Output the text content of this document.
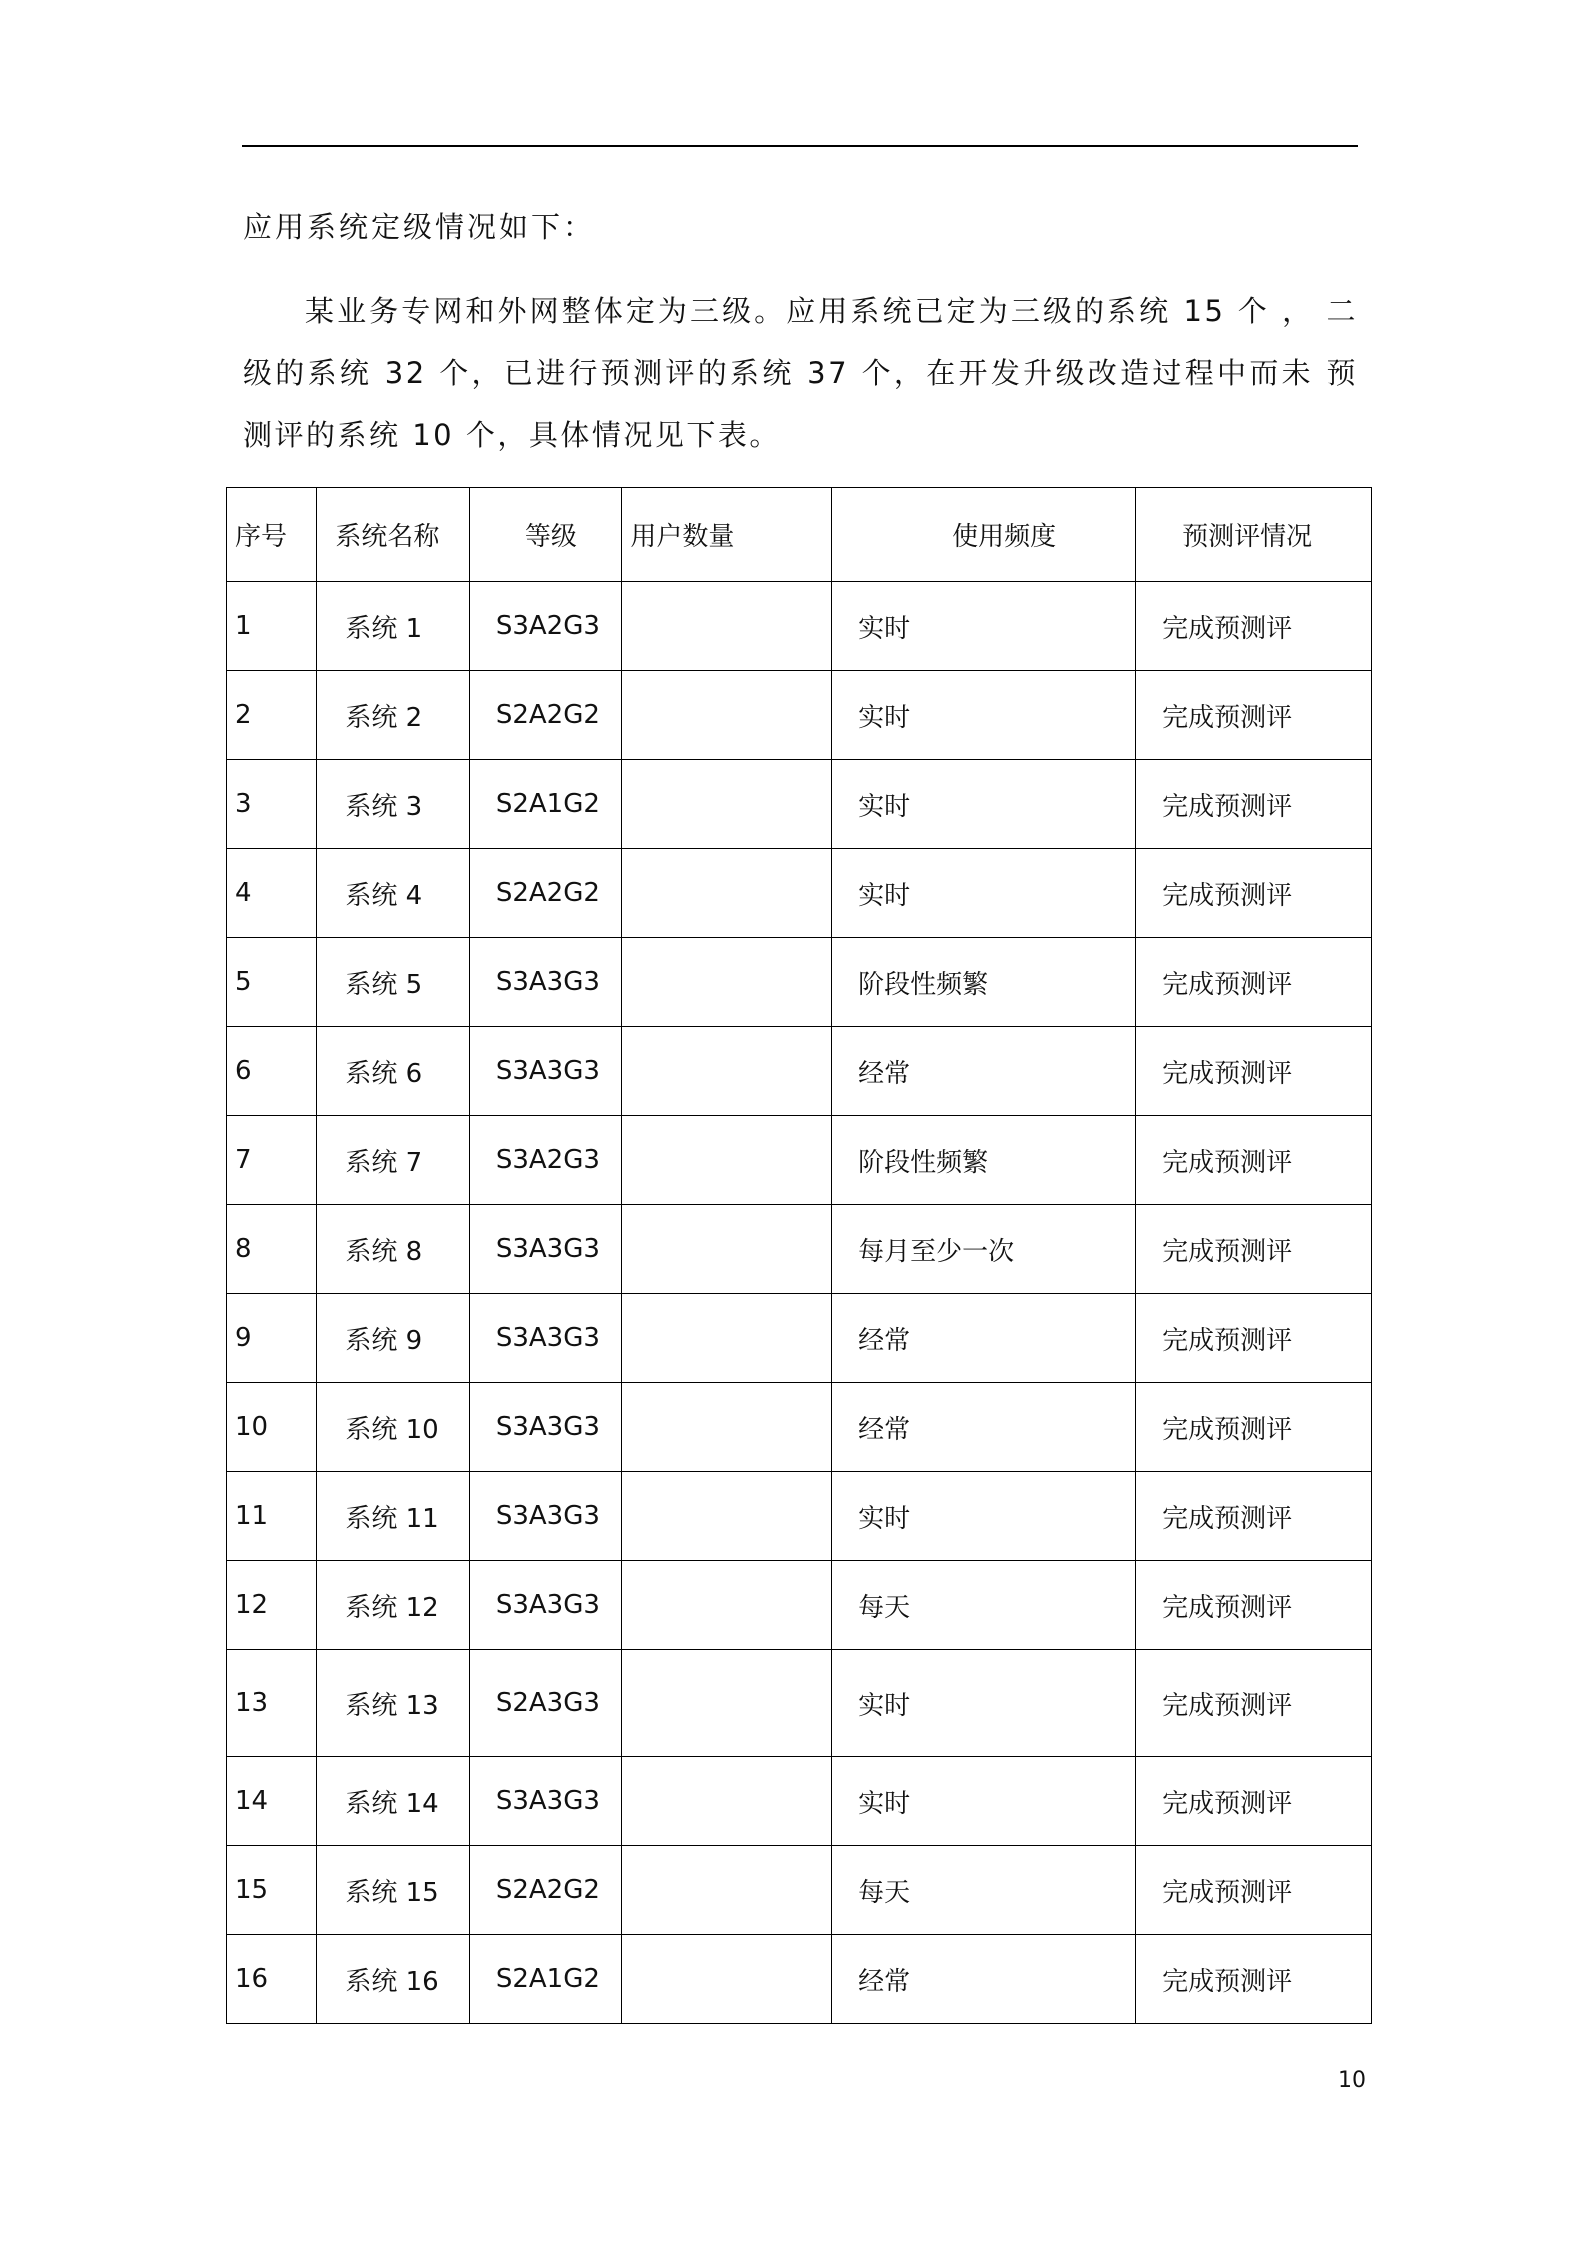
应用系统定级情况如下：
某业务专网和外网整体定为三级。应用系统已定为三级的系统 15 个 ， 二级的系统 32 个，已进行预测评的系统 37 个，在开发升级改造过程中而未 预测评的系统 10 个，具体情况见下表。
序号	系统名称	等级	用户数量	使用频度	预测评情况
1	系统 1	S3A2G3		实时	完成预测评
2	系统 2	S2A2G2		实时	完成预测评
3	系统 3	S2A1G2		实时	完成预测评
4	系统 4	S2A2G2		实时	完成预测评
5	系统 5	S3A3G3		阶段性频繁	完成预测评
6	系统 6	S3A3G3		经常	完成预测评
7	系统 7	S3A2G3		阶段性频繁	完成预测评
8	系统 8	S3A3G3		每月至少一次	完成预测评
9	系统 9	S3A3G3		经常	完成预测评
10	系统 10	S3A3G3		经常	完成预测评
11	系统 11	S3A3G3		实时	完成预测评
12	系统 12	S3A3G3		每天	完成预测评
13	系统 13	S2A3G3		实时	完成预测评
14	系统 14	S3A3G3		实时	完成预测评
15	系统 15	S2A2G2		每天	完成预测评
16	系统 16	S2A1G2		经常	完成预测评
10
